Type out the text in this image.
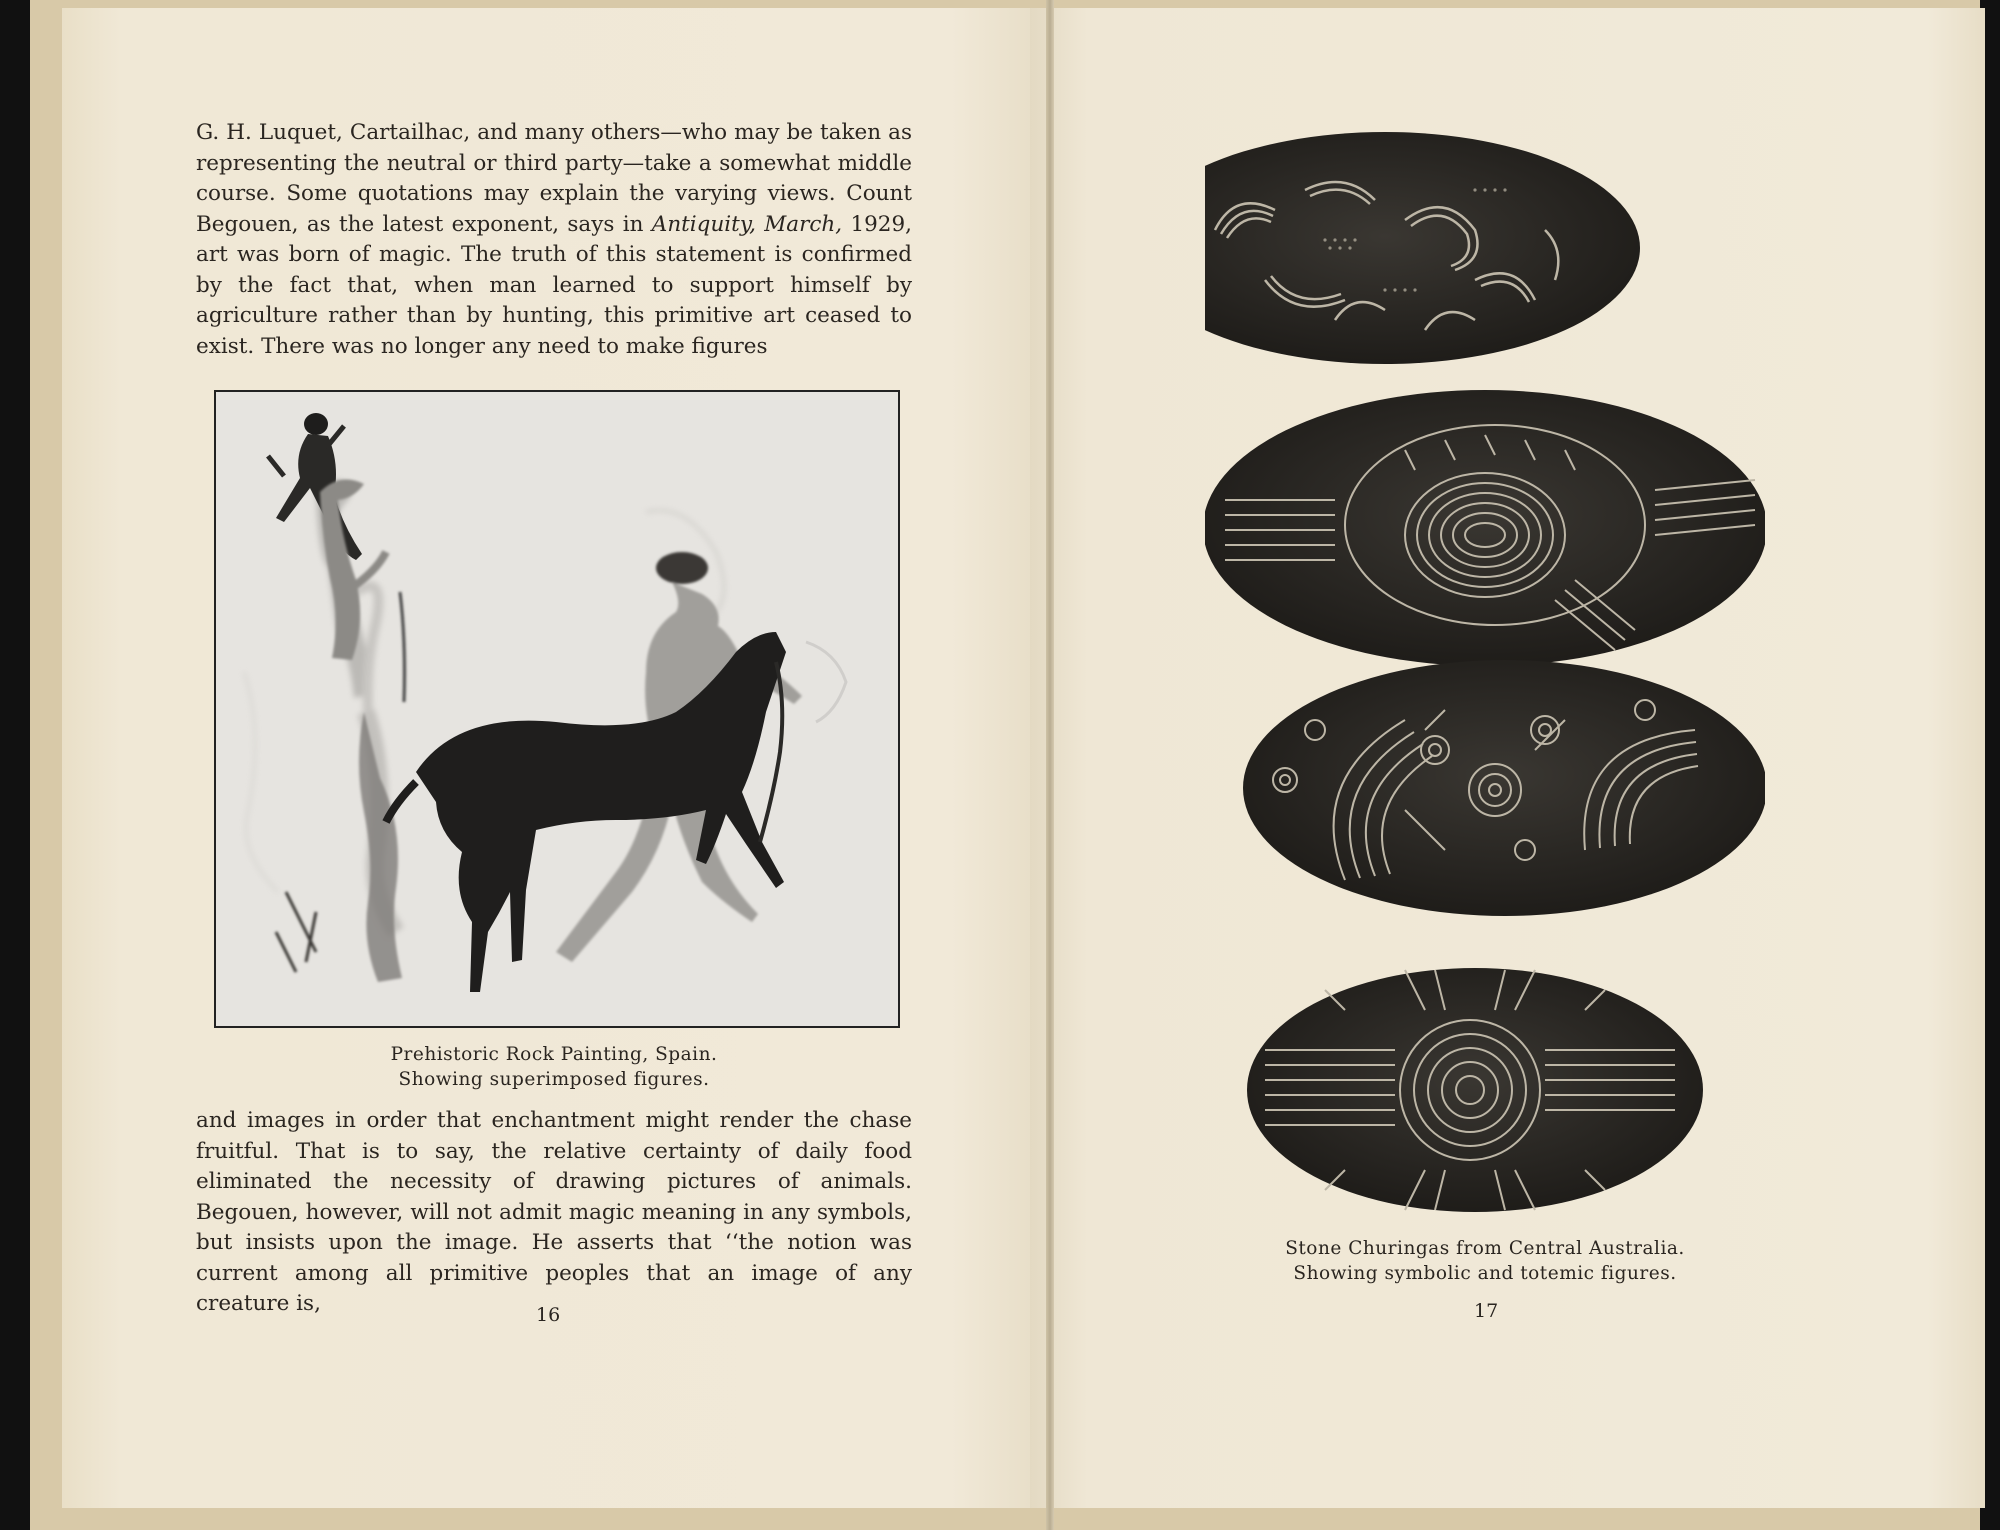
G. H. Luquet, Cartailhac, and many others—who may be taken as representing the neutral or third party—take a somewhat middle course. Some quotations may explain the varying views. Count Begouen, as the latest exponent, says in Antiquity, March, 1929, art was born of magic. The truth of this statement is confirmed by the fact that, when man learned to support himself by agriculture rather than by hunting, this primitive art ceased to exist. There was no longer any need to make figures

Prehistoric Rock Painting, Spain.
Showing superimposed figures.

and images in order that enchantment might render the chase fruitful. That is to say, the relative certainty of daily food eliminated the necessity of drawing pictures of animals. Begouen, however, will not admit magic meaning in any symbols, but insists upon the image. He asserts that ‘‘the notion was current among all primitive peoples that an image of any creature is,	16
Stone Churingas from Central Australia.
Showing symbolic and totemic figures.
17
